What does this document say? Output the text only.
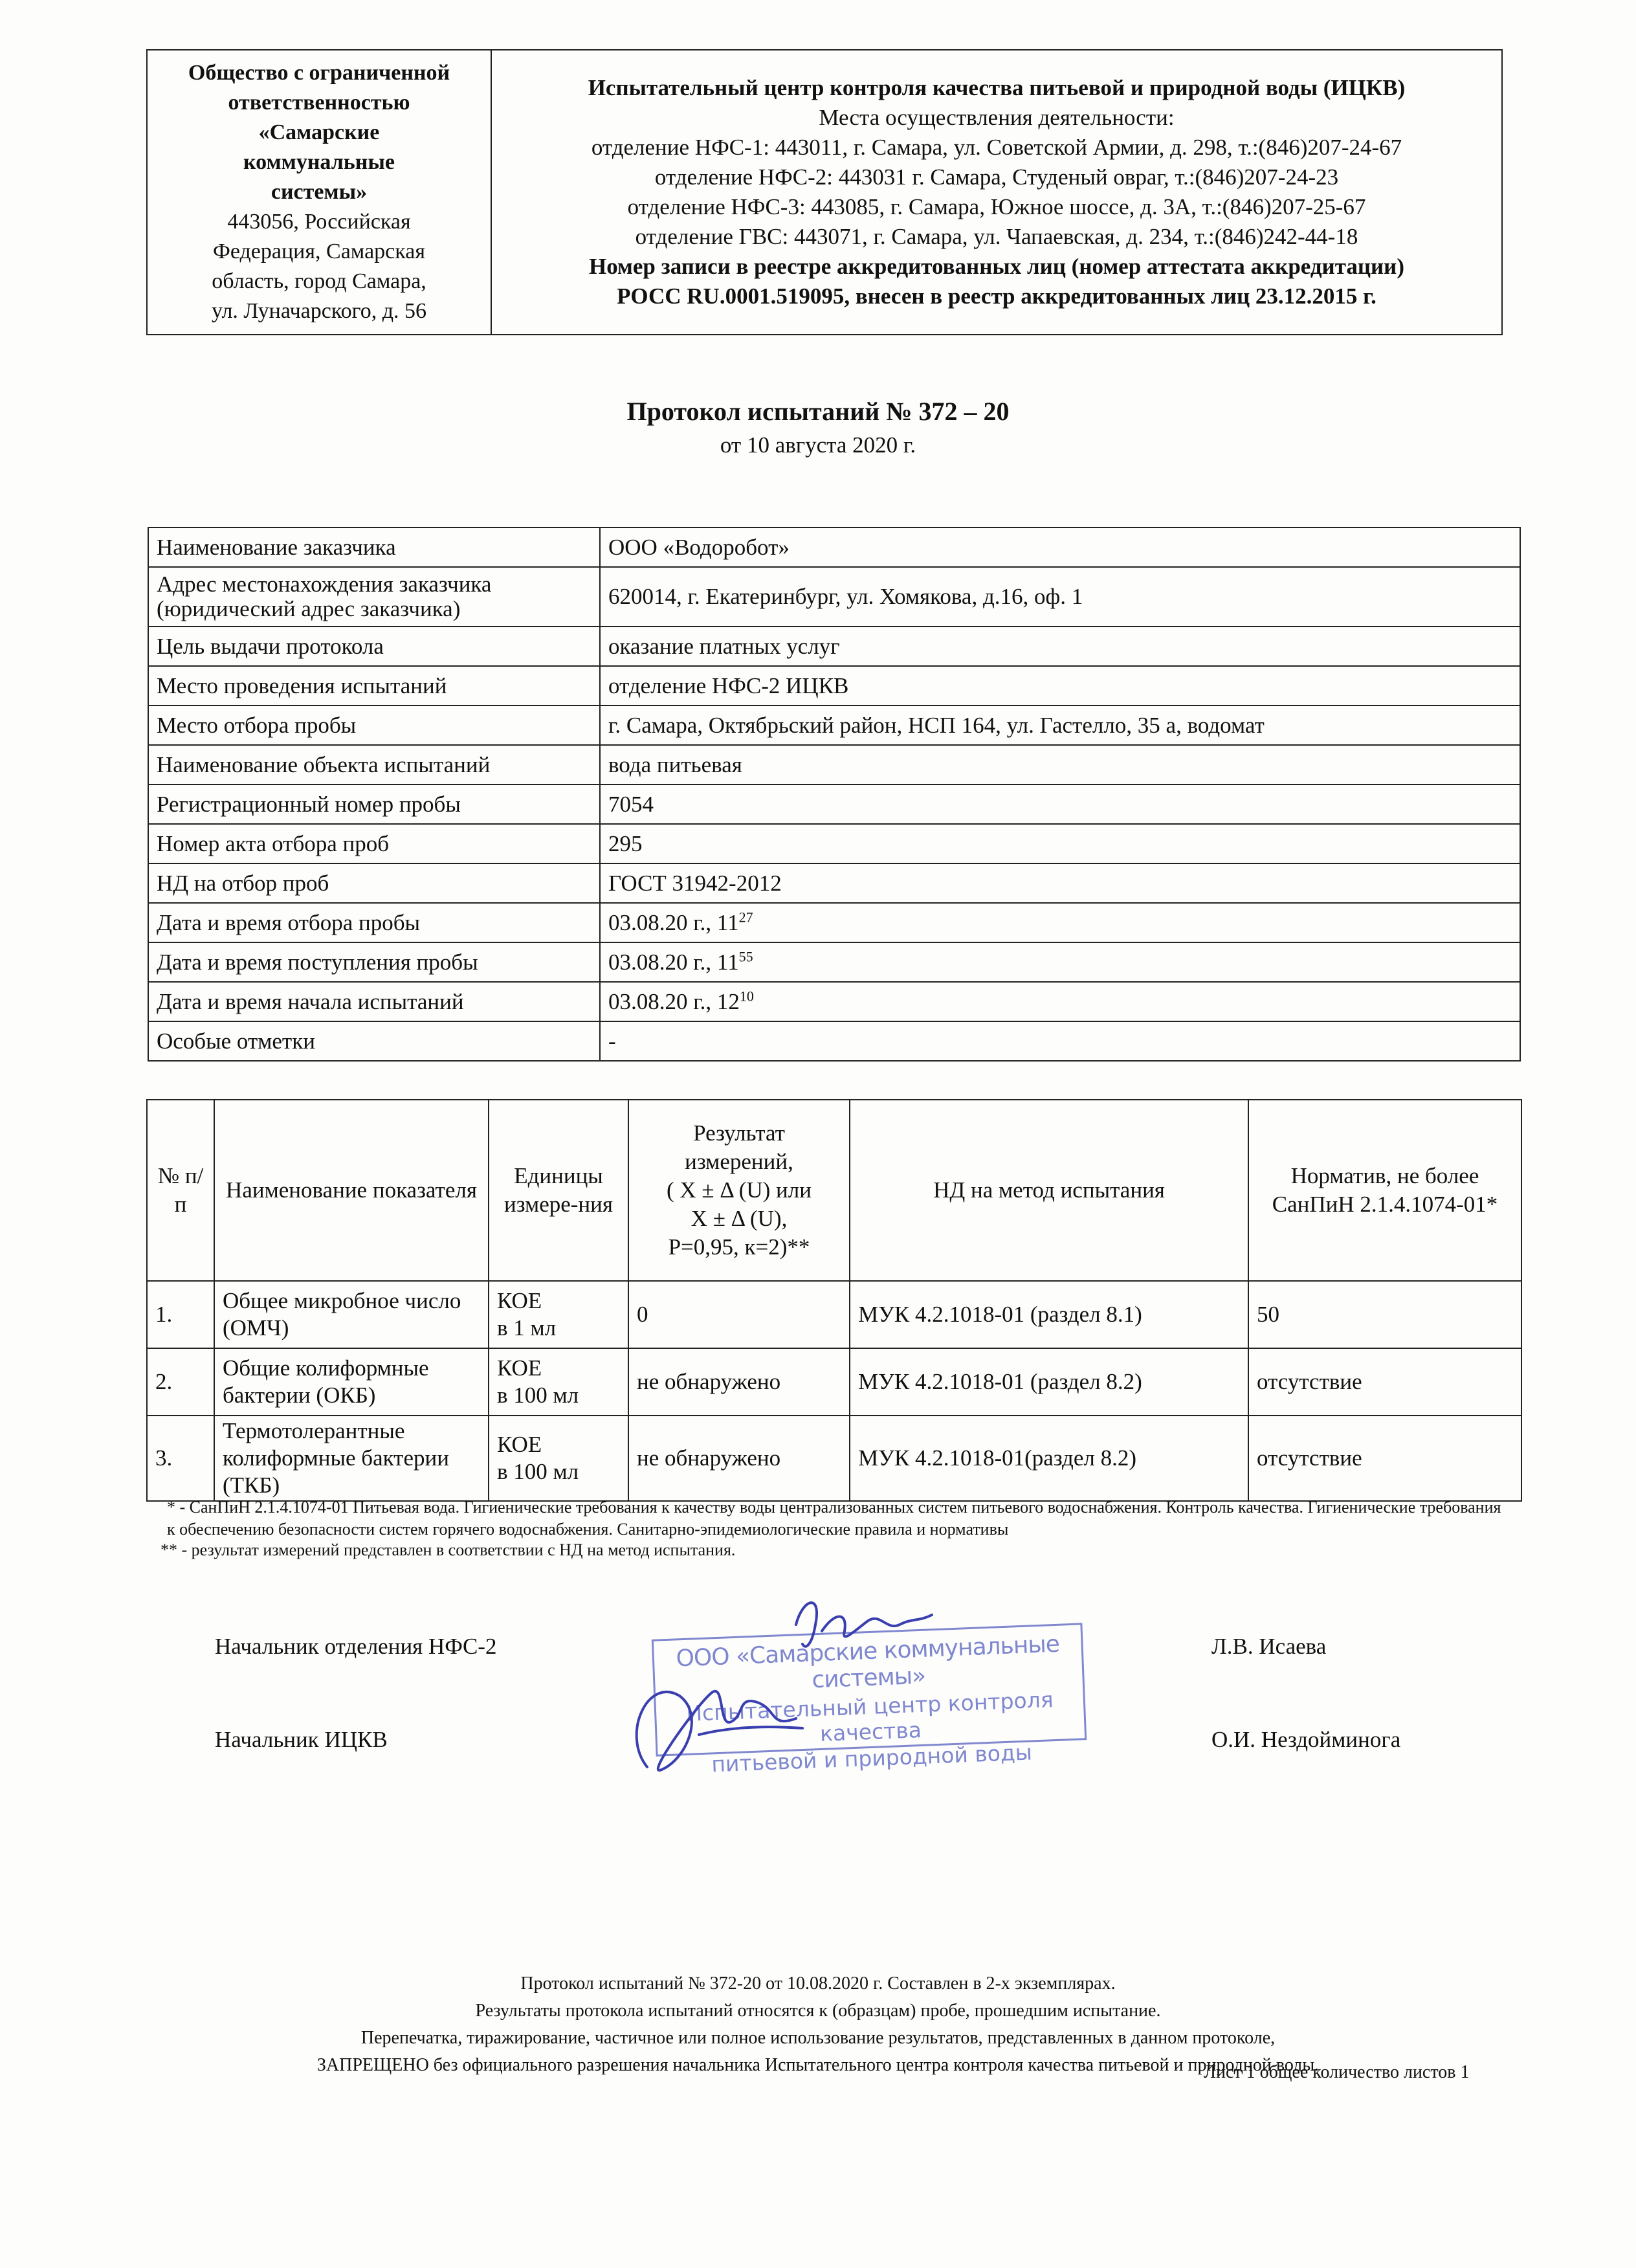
Общество с ограниченной
ответственностью
«Самарские
коммунальные
системы»
443056, Российская
Федерация, Самарская
область, город Самара,
ул. Луначарского, д. 56

Испытательный центр контроля качества питьевой и природной воды (ИЦКВ)
Места осуществления деятельности:
отделение НФС-1: 443011, г. Самара, ул. Советской Армии, д. 298, т.:(846)207-24-67
отделение НФС-2: 443031 г. Самара, Студеный овраг, т.:(846)207-24-23
отделение НФС-3: 443085, г. Самара, Южное шоссе, д. 3А, т.:(846)207-25-67
отделение ГВС: 443071, г. Самара, ул. Чапаевская, д. 234, т.:(846)242-44-18
Номер записи в реестре аккредитованных лиц (номер аттестата аккредитации)
РОСС RU.0001.519095, внесен в реестр аккредитованных лиц 23.12.2015 г.
Протокол испытаний № 372 – 20
от 10 августа 2020 г.
Наименование заказчика	ООО «Водоробот»
Адрес местонахождения заказчика (юридический адрес заказчика)	620014, г. Екатеринбург, ул. Хомякова, д.16, оф. 1
Цель выдачи протокола	оказание платных услуг
Место проведения испытаний	отделение НФС-2 ИЦКВ
Место отбора пробы	г. Самара, Октябрьский район, НСП 164, ул. Гастелло, 35 а, водомат
Наименование объекта испытаний	вода питьевая
Регистрационный номер пробы	7054
Номер акта отбора проб	295
НД на отбор проб	ГОСТ 31942-2012
Дата и время отбора пробы	03.08.20 г., $11^{27}$
Дата и время поступления пробы	03.08.20 г., $11^{55}$
Дата и время начала испытаний	03.08.20 г., $12^{10}$
Особые отметки	-
№ п/п	Наименование показателя	Единицы измере-ния	Результат измерений,
( X ± Δ (U) или
X ± Δ (U),
P=0,95, к=2)**	НД на метод испытания	Норматив, не более СанПиН 2.1.4.1074-01*
1.	Общее микробное число (ОМЧ)	КОЕ
в 1 мл	0	МУК 4.2.1018-01 (раздел 8.1)	50
2.	Общие колиформные бактерии (ОКБ)	КОЕ
в 100 мл	не обнаружено	МУК 4.2.1018-01 (раздел 8.2)	отсутствие
3.	Термотолерантные колиформные бактерии (ТКБ)	КОЕ
в 100 мл	не обнаружено	МУК 4.2.1018-01(раздел 8.2)	отсутствие
* - СанПиН 2.1.4.1074-01 Питьевая вода. Гигиенические требования к качеству воды централизованных систем питьевого водоснабжения. Контроль качества. Гигиенические требования к обеспечению безопасности систем горячего водоснабжения. Санитарно-эпидемиологические правила и нормативы
** - результат измерений представлен в соответствии с НД на метод испытания.
Начальник отделения НФС-2	Л.В. Исаева
Начальник ИЦКВ	О.И. Нездойминога
ООО «Самарские коммунальные системы»
Испытательный центр контроля качества
питьевой и природной воды
Протокол испытаний № 372-20 от 10.08.2020 г. Составлен в 2-х экземплярах.
Результаты протокола испытаний относятся к (образцам) пробе, прошедшим испытание.
Перепечатка, тиражирование, частичное или полное использование результатов, представленных в данном протоколе,
ЗАПРЕЩЕНО без официального разрешения начальника Испытательного центра контроля качества питьевой и природной воды.
Лист 1 общее количество листов 1
